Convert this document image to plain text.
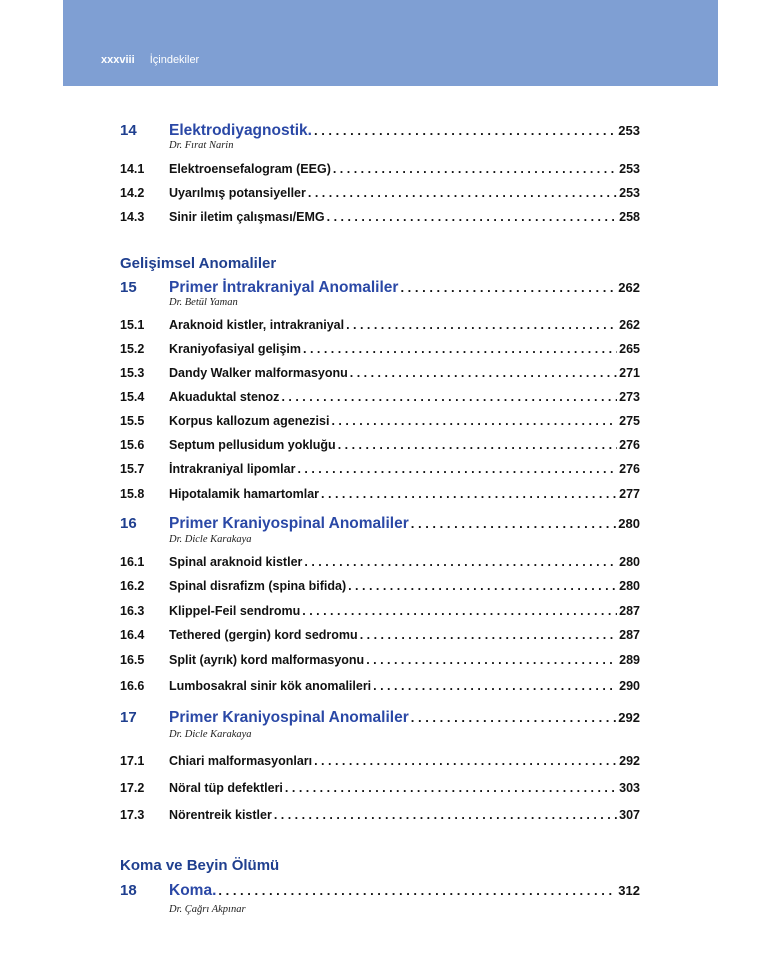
xxxviii İçindekiler
14	Elektrodiyagnostik. . . .	253
Dr. Fırat Narin
14.1	Elektroensefalogram (EEG) . . .	253
14.2	Uyarılmış potansiyeller . . .	253
14.3	Sinir iletim çalışması/EMG . . .	258
Gelişimsel Anomaliler
15	Primer İntrakraniyal Anomaliler . . .	262
Dr. Betül Yaman
15.1	Araknoid kistler, intrakraniyal . . .	262
15.2	Kraniyofasiyal gelişim . . .	265
15.3	Dandy Walker malformasyonu . . .	271
15.4	Akuaduktal stenoz . . .	273
15.5	Korpus kallozum agenezisi . . .	275
15.6	Septum pellusidum yokluğu . . .	276
15.7	İntrakraniyal lipomlar . . .	276
15.8	Hipotalamik hamartomlar . . .	277
16	Primer Kraniyospinal Anomaliler . . .	280
Dr. Dicle Karakaya
16.1	Spinal araknoid kistler . . .	280
16.2	Spinal disrafizm (spina bifida) . . .	280
16.3	Klippel-Feil sendromu . . .	287
16.4	Tethered (gergin) kord sedromu . . .	287
16.5	Split (ayrık) kord malformasyonu . . .	289
16.6	Lumbosakral sinir kök anomalileri . . .	290
17	Primer Kraniyospinal Anomaliler . . .	292
Dr. Dicle Karakaya
17.1	Chiari malformasyonları . . .	292
17.2	Nöral tüp defektleri . . .	303
17.3	Nörentreik kistler . . .	307
Koma ve Beyin Ölümü
18	Koma. . . .	312
Dr. Çağrı Akpınar
